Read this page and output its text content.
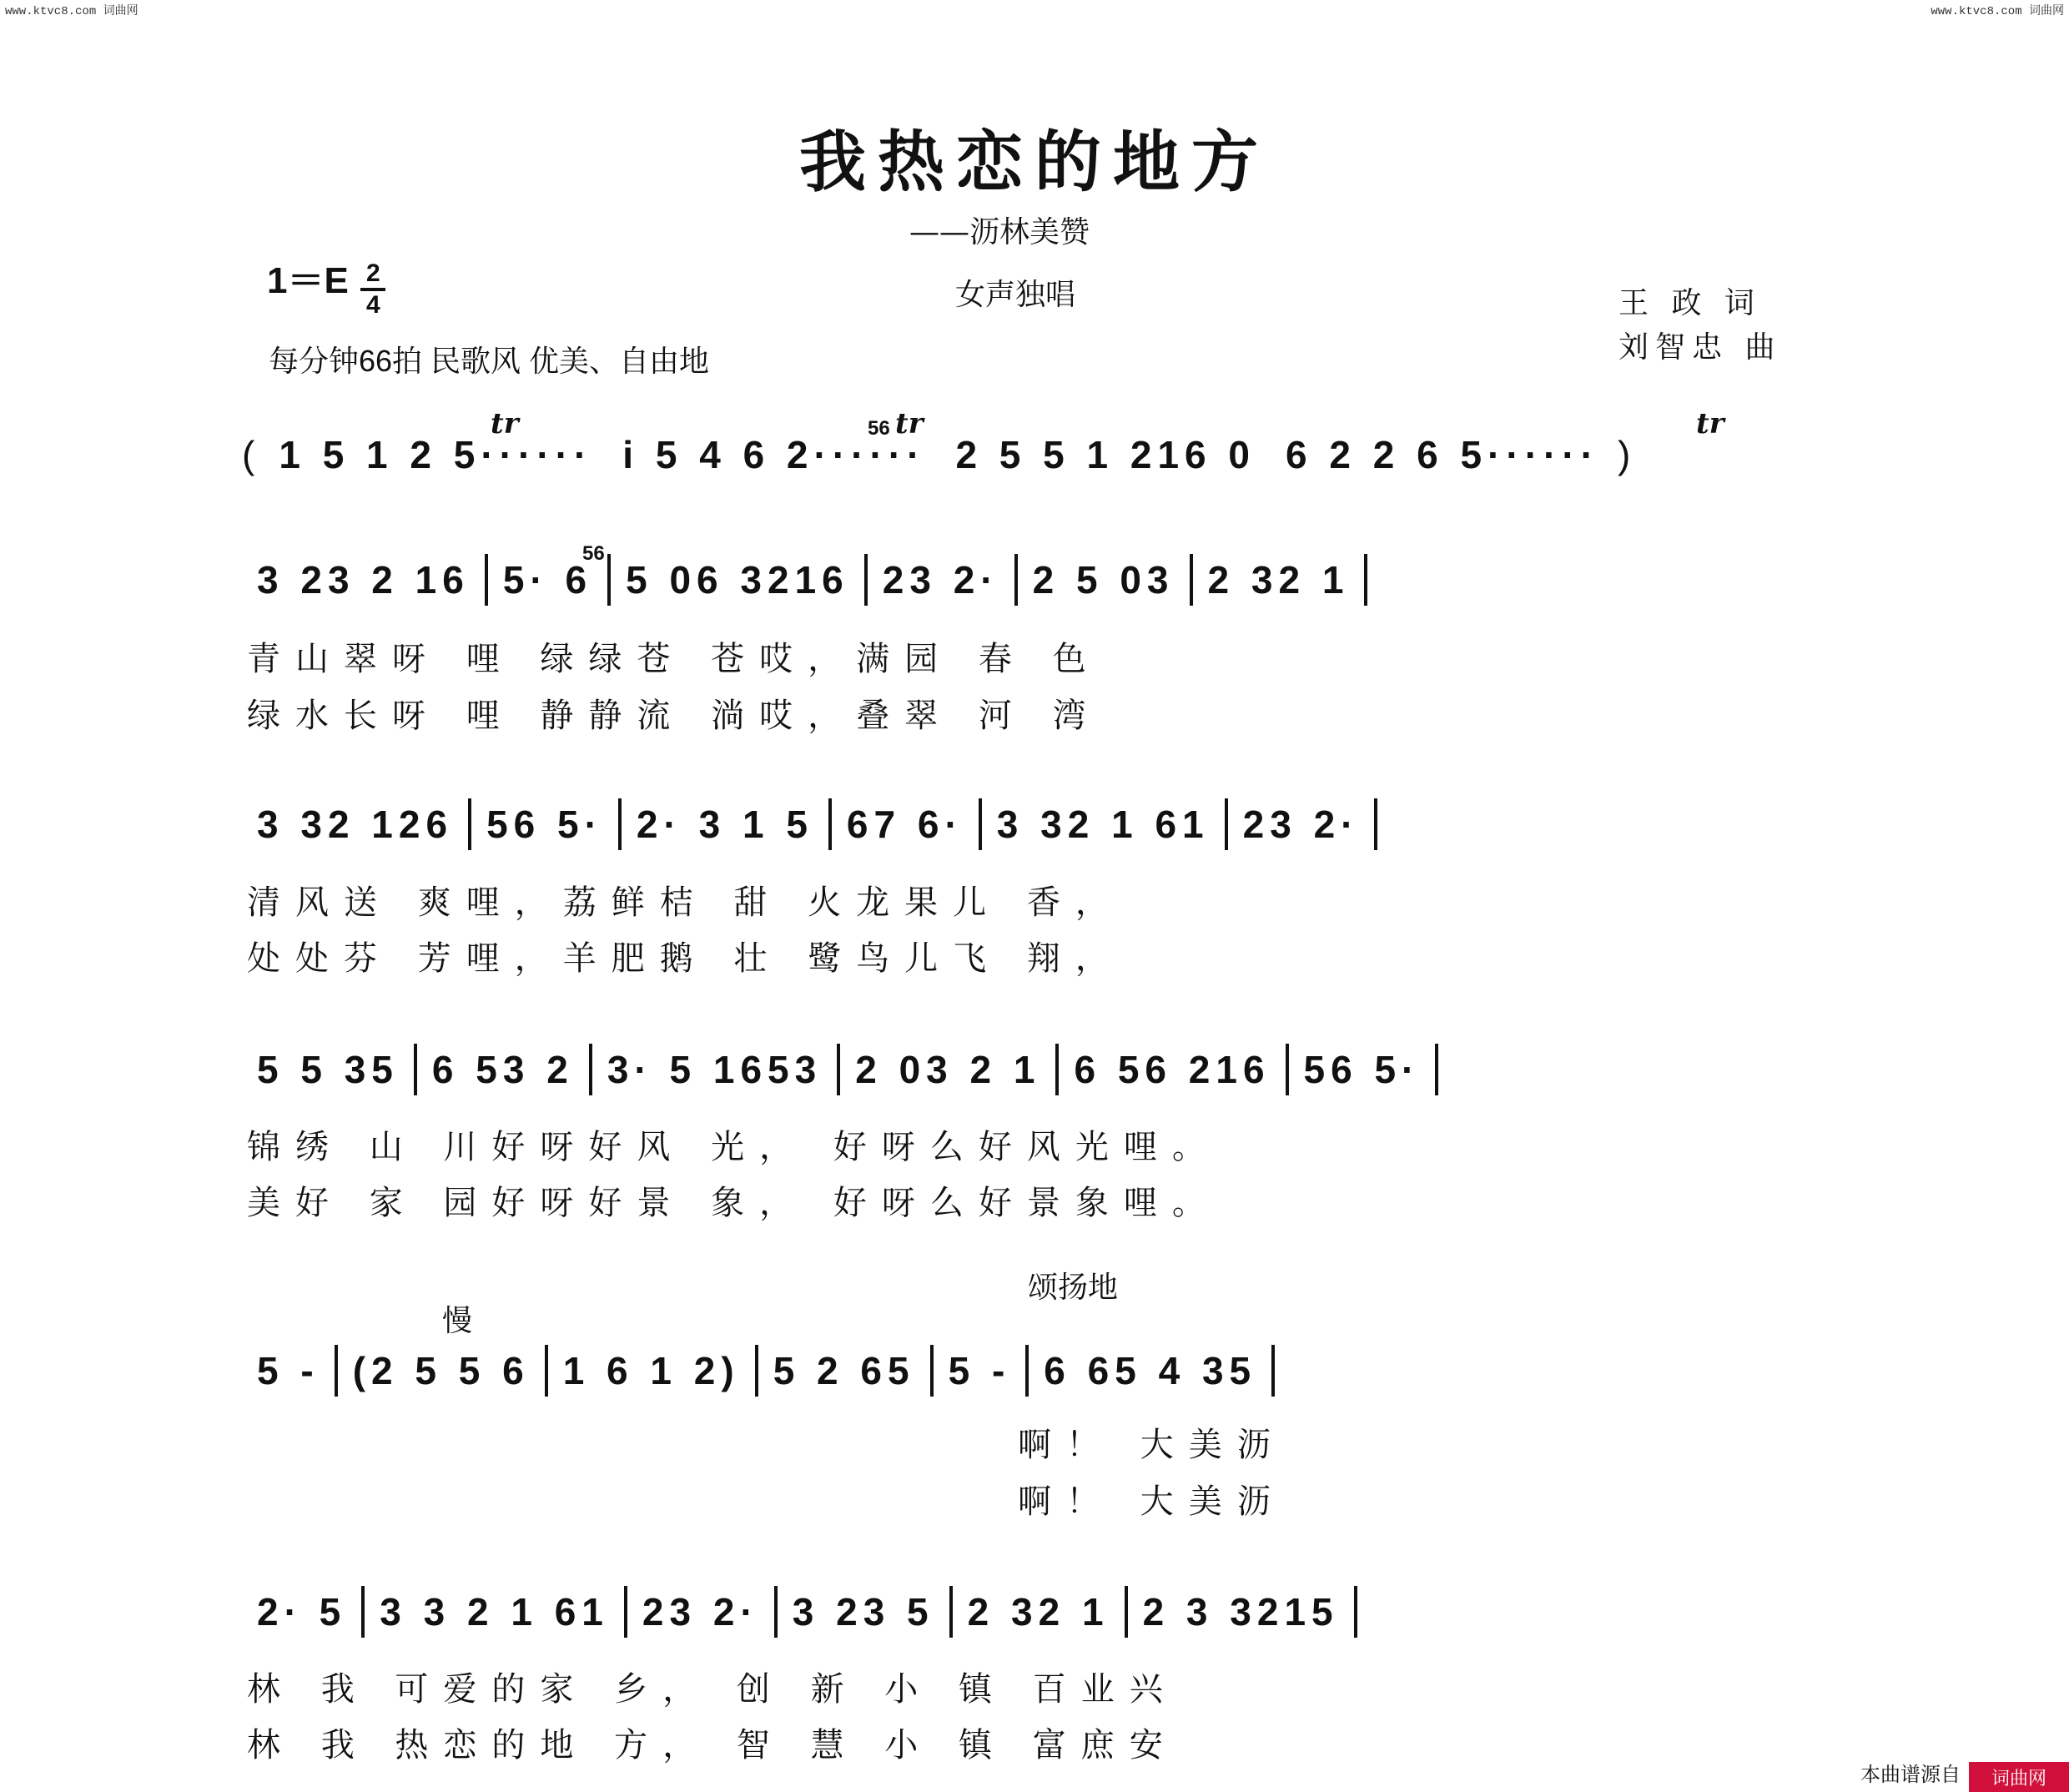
www.ktvc8.com 词曲网	www.ktvc8.com 词曲网
我热恋的地方
——沥林美赞
女声独唱
$1=E \frac{2}{4}$
每分钟66拍 民歌风 优美、自由地
王 政 词
刘智忠 曲
tr	tr
56	tr
( 1 5 1 2 5······ i 5 4 6 2······ 2 5 5 1 216 0 6 2 2 6 5······ )
56
3 23 2 16 5· 6 5 06 3216 23 2· 2 5 03 2 32 1
青山翠呀 哩 绿绿苍 苍哎，满园 春 色
绿水长呀 哩 静静流 淌哎，叠翠 河 湾
3 32 126 56 5· 2· 3 1 5 67 6· 3 32 1 61 23 2·
清风送 爽哩，荔鲜桔 甜 火龙果儿 香，
处处芬 芳哩，羊肥鹅 壮 鹭鸟儿飞 翔，
5 5 35 6 53 2 3· 5 1653 2 03 2 1 6 56 216 56 5·
锦绣 山 川好呀好风 光， 好呀么好风光哩。
美好 家 园好呀好景 象， 好呀么好景象哩。
慢
颂扬地
5 - (2 5 5 6 1 6 1 2) 5 2 65 5 - 6 65 4 35
啊！ 大美沥
啊！ 大美沥
2· 5 3 3 2 1 61 23 2· 3 23 5 2 32 1 2 3 3215
林 我 可爱的家 乡， 创 新 小 镇 百业兴
林 我 热恋的地 方， 智 慧 小 镇 富庶安
本曲谱源自 词曲网
